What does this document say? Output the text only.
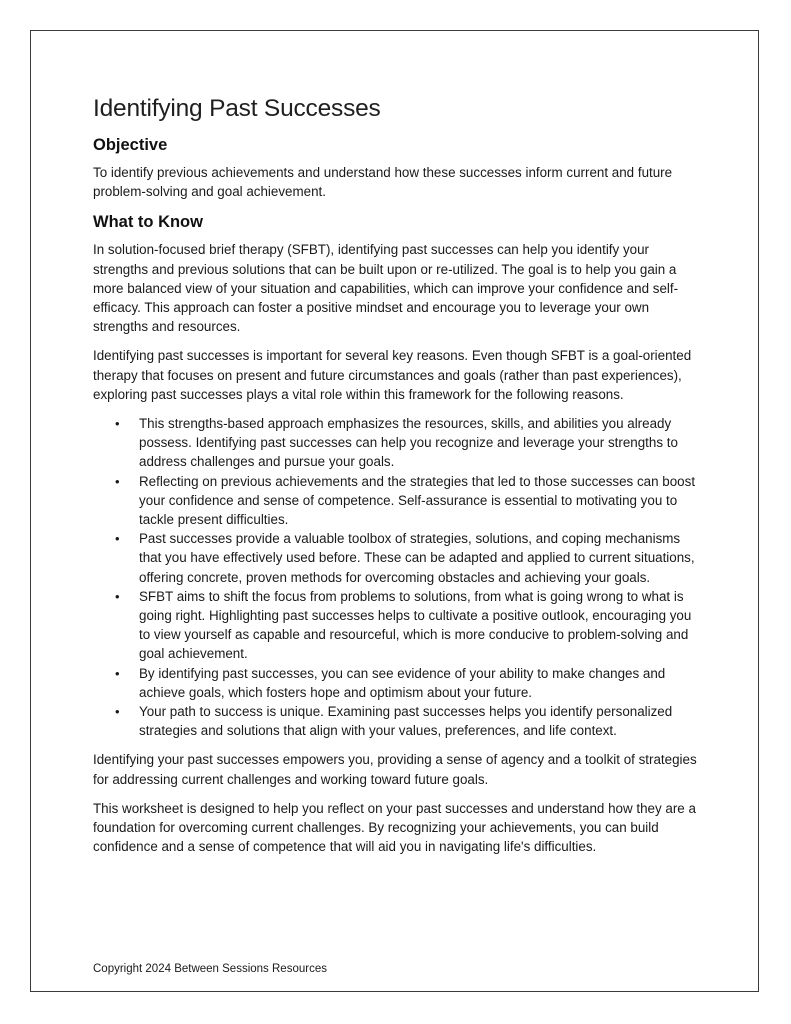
Identifying Past Successes
Objective

To identify previous achievements and understand how these successes inform current and future problem-solving and goal achievement.

What to Know

In solution-focused brief therapy (SFBT), identifying past successes can help you identify your strengths and previous solutions that can be built upon or re-utilized. The goal is to help you gain a more balanced view of your situation and capabilities, which can improve your confidence and self-efficacy. This approach can foster a positive mindset and encourage you to leverage your own strengths and resources.

Identifying past successes is important for several key reasons. Even though SFBT is a goal-oriented therapy that focuses on present and future circumstances and goals (rather than past experiences), exploring past successes plays a vital role within this framework for the following reasons.

• This strengths-based approach emphasizes the resources, skills, and abilities you already possess. Identifying past successes can help you recognize and leverage your strengths to address challenges and pursue your goals.
• Reflecting on previous achievements and the strategies that led to those successes can boost your confidence and sense of competence. Self-assurance is essential to motivating you to tackle present difficulties.
• Past successes provide a valuable toolbox of strategies, solutions, and coping mechanisms that you have effectively used before. These can be adapted and applied to current situations, offering concrete, proven methods for overcoming obstacles and achieving your goals.
• SFBT aims to shift the focus from problems to solutions, from what is going wrong to what is going right. Highlighting past successes helps to cultivate a positive outlook, encouraging you to view yourself as capable and resourceful, which is more conducive to problem-solving and goal achievement.
• By identifying past successes, you can see evidence of your ability to make changes and achieve goals, which fosters hope and optimism about your future.
• Your path to success is unique. Examining past successes helps you identify personalized strategies and solutions that align with your values, preferences, and life context.

Identifying your past successes empowers you, providing a sense of agency and a toolkit of strategies for addressing current challenges and working toward future goals.

This worksheet is designed to help you reflect on your past successes and understand how they are a foundation for overcoming current challenges. By recognizing your achievements, you can build confidence and a sense of competence that will aid you in navigating life's difficulties.

Copyright 2024 Between Sessions Resources
